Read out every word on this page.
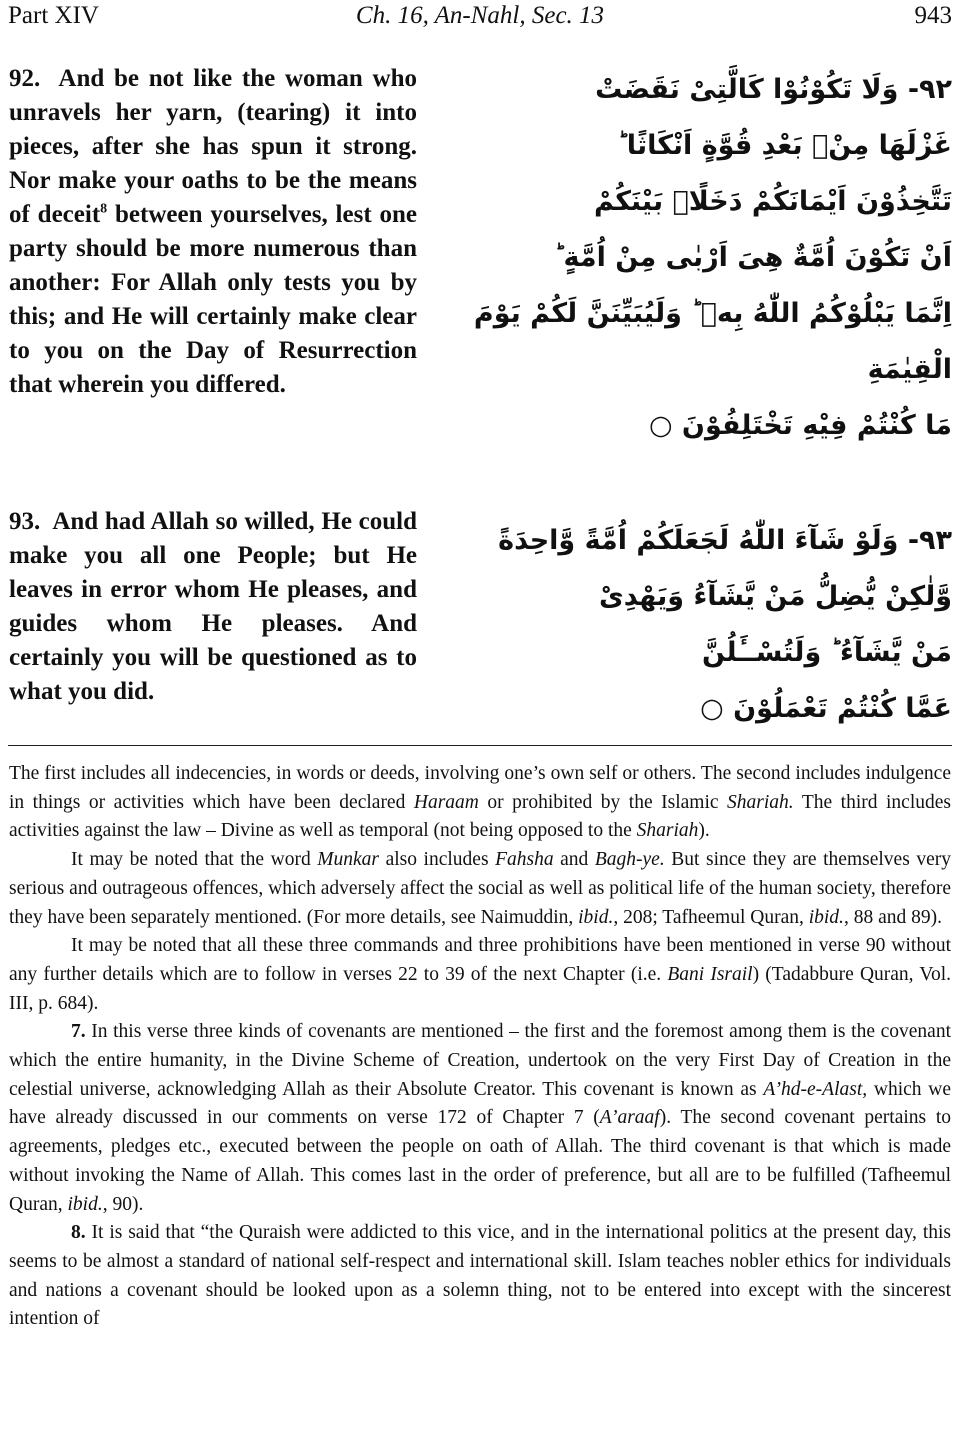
Part XIV	Ch. 16, An-Nahl, Sec. 13	943
92. And be not like the woman who unravels her yarn, (tearing) it into pieces, after she has spun it strong. Nor make your oaths to be the means of deceit$^8$ between yourselves, lest one party should be more numerous than another: For Allah only tests you by this; and He will certainly make clear to you on the Day of Resurrection that wherein you differed.
٩٢- وَلَا تَكُوْنُوْا كَالَّتِىْ نَقَضَتْ
غَزْلَهَا مِنْۢ بَعْدِ قُوَّةٍ اَنْكَاثًا ؕ
تَتَّخِذُوْنَ اَيْمَانَكُمْ دَخَلًاۢ بَيْنَكُمْ
اَنْ تَكُوْنَ اُمَّةٌ هِىَ اَرْبٰى مِنْ اُمَّةٍ ؕ
اِنَّمَا يَبْلُوْكُمُ اللّٰهُ بِهٖ ؕ وَلَيُبَيِّنَنَّ لَكُمْ يَوْمَ
الْقِيٰمَةِ
مَا كُنْتُمْ فِيْهِ تَخْتَلِفُوْنَ ○
93. And had Allah so willed, He could make you all one People; but He leaves in error whom He pleases, and guides whom He pleases. And certainly you will be questioned as to what you did.
٩٣- وَلَوْ شَآءَ اللّٰهُ لَجَعَلَكُمْ اُمَّةً وَّاحِدَةً
وَّلٰكِنْ يُّضِلُّ مَنْ يَّشَآءُ وَيَهْدِىْ
مَنْ يَّشَآءُ ؕ وَلَتُسْــَٔلُنَّ
عَمَّا كُنْتُمْ تَعْمَلُوْنَ ○

The first includes all indecencies, in words or deeds, involving one’s own self or others. The second includes indulgence in things or activities which have been declared Haraam or prohibited by the Islamic Shariah. The third includes activities against the law – Divine as well as temporal (not being opposed to the Shariah).

It may be noted that the word Munkar also includes Fahsha and Bagh-ye. But since they are themselves very serious and outrageous offences, which adversely affect the social as well as political life of the human society, therefore they have been separately mentioned. (For more details, see Naimuddin, ibid., 208; Tafheemul Quran, ibid., 88 and 89).

It may be noted that all these three commands and three prohibitions have been mentioned in verse 90 without any further details which are to follow in verses 22 to 39 of the next Chapter (i.e. Bani Israil) (Tadabbure Quran, Vol. III, p. 684).

7. In this verse three kinds of covenants are mentioned – the first and the foremost among them is the covenant which the entire humanity, in the Divine Scheme of Creation, undertook on the very First Day of Creation in the celestial universe, acknowledging Allah as their Absolute Creator. This covenant is known as A’hd-e-Alast, which we have already discussed in our comments on verse 172 of Chapter 7 (A’araaf). The second covenant pertains to agreements, pledges etc., executed between the people on oath of Allah. The third covenant is that which is made without invoking the Name of Allah. This comes last in the order of preference, but all are to be fulfilled (Tafheemul Quran, ibid., 90).

8. It is said that “the Quraish were addicted to this vice, and in the international politics at the present day, this seems to be almost a standard of national self-respect and international skill. Islam teaches nobler ethics for individuals and nations a covenant should be looked upon as a solemn thing, not to be entered into except with the sincerest intention of
